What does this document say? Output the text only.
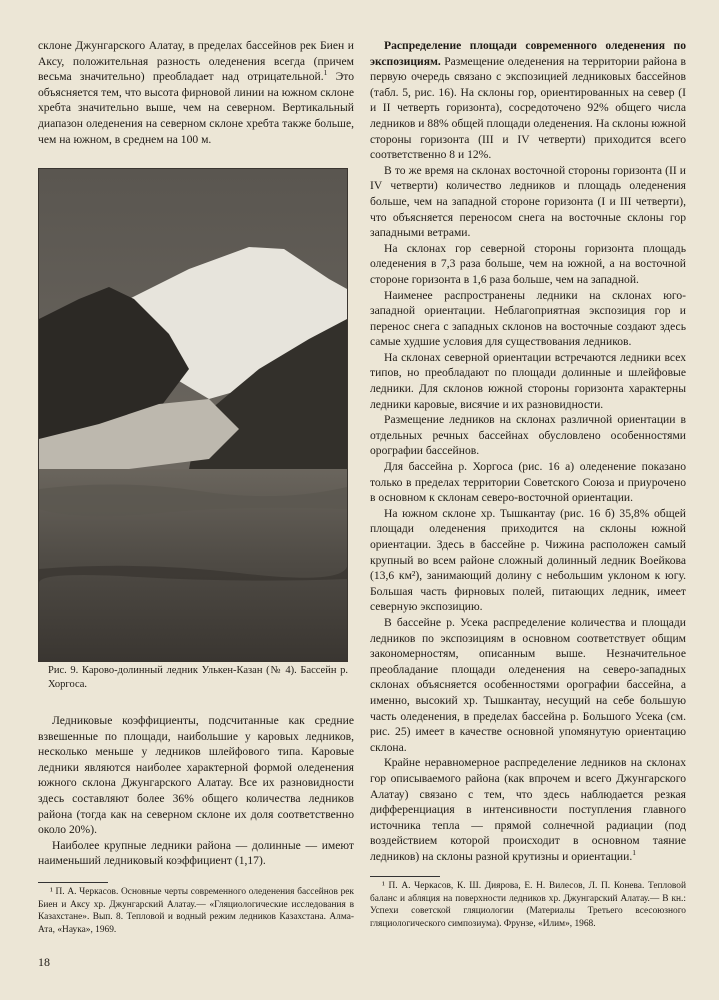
склоне Джунгарского Алатау, в пределах бассейнов рек Биен и Аксу, положительная разность оледенения всегда (причем весьма значительно) преобладает над отрицательной.$^1$ Это объясняется тем, что высота фирновой линии на южном склоне хребта значительно выше, чем на северном. Вертикальный диапазон оледенения на северном склоне хребта также больше, чем на южном, в среднем на 100 м.

Рис. 9. Карово-долинный ледник Улькен-Казан (№ 4). Бассейн р. Хоргоса.

Ледниковые коэффициенты, подсчитанные как средние взвешенные по площади, наибольшие у каровых ледников, несколько меньше у ледников шлейфового типа. Каровые ледники являются наиболее характерной формой оледенения южного склона Джунгарского Алатау. Все их разновидности здесь составляют более 36% общего количества ледников района (тогда как на северном склоне их доля соответственно около 20%).

Наиболее крупные ледники района — долинные — имеют наименьший ледниковый коэффициент (1,17).

¹ П. А. Черкасов. Основные черты современного оледенения бассейнов рек Биен и Аксу хр. Джунгарский Алатау.— «Гляциологические исследования в Казахстане». Вып. 8. Тепловой и водный режим ледников Казахстана. Алма-Ата, «Наука», 1969.

Распределение площади современного оледенения по экспозициям. Размещение оледенения на территории района в первую очередь связано с экспозицией ледниковых бассейнов (табл. 5, рис. 16). На склоны гор, ориентированных на север (I и II четверть горизонта), сосредоточено 92% общего числа ледников и 88% общей площади оледенения. На склоны южной стороны горизонта (III и IV четверти) приходится всего соответственно 8 и 12%.

В то же время на склонах восточной стороны горизонта (II и IV четверти) количество ледников и площадь оледенения больше, чем на западной стороне горизонта (I и III четверти), что объясняется переносом снега на восточные склоны гор западными ветрами.

На склонах гор северной стороны горизонта площадь оледенения в 7,3 раза больше, чем на южной, а на восточной стороне горизонта в 1,6 раза больше, чем на западной.

Наименее распространены ледники на склонах юго-западной ориентации. Неблагоприятная экспозиция гор и перенос снега с западных склонов на восточные создают здесь самые худшие условия для существования ледников.

На склонах северной ориентации встречаются ледники всех типов, но преобладают по площади долинные и шлейфовые ледники. Для склонов южной стороны горизонта характерны ледники каровые, висячие и их разновидности.

Размещение ледников на склонах различной ориентации в отдельных речных бассейнах обусловлено особенностями орографии бассейнов.

Для бассейна р. Хоргоса (рис. 16 а) оледенение показано только в пределах территории Советского Союза и приурочено в основном к склонам северо-восточной ориентации.

На южном склоне хр. Тышкантау (рис. 16 б) 35,8% общей площади оледенения приходится на склоны южной ориентации. Здесь в бассейне р. Чижина расположен самый крупный во всем районе сложный долинный ледник Воейкова (13,6 км²), занимающий долину с небольшим уклоном к югу. Большая часть фирновых полей, питающих ледник, имеет северную экспозицию.

В бассейне р. Усека распределение количества и площади ледников по экспозициям в основном соответствует общим закономерностям, описанным выше. Незначительное преобладание площади оледенения на северо-западных склонах объясняется особенностями орографии бассейна, а именно, высокий хр. Тышкантау, несущий на себе большую часть оледенения, в пределах бассейна р. Большого Усека (см. рис. 25) имеет в качестве основной упомянутую ориентацию склона.

Крайне неравномерное распределение ледников на склонах гор описываемого района (как впрочем и всего Джунгарского Алатау) связано с тем, что здесь наблюдается резкая дифференциация в интенсивности поступления главного источника тепла — прямой солнечной радиации (под воздействием которой происходит в основном таяние ледников) на склоны разной крутизны и ориентации.$^1$

¹ П. А. Черкасов, К. Ш. Диярова, Е. Н. Вилесов, Л. П. Конева. Тепловой баланс и абляция на поверхности ледников хр. Джунгарский Алатау.— В кн.: Успехи советской гляциологии (Материалы Третьего всесоюзного гляциологического симпозиума). Фрунзе, «Илим», 1968.

18
